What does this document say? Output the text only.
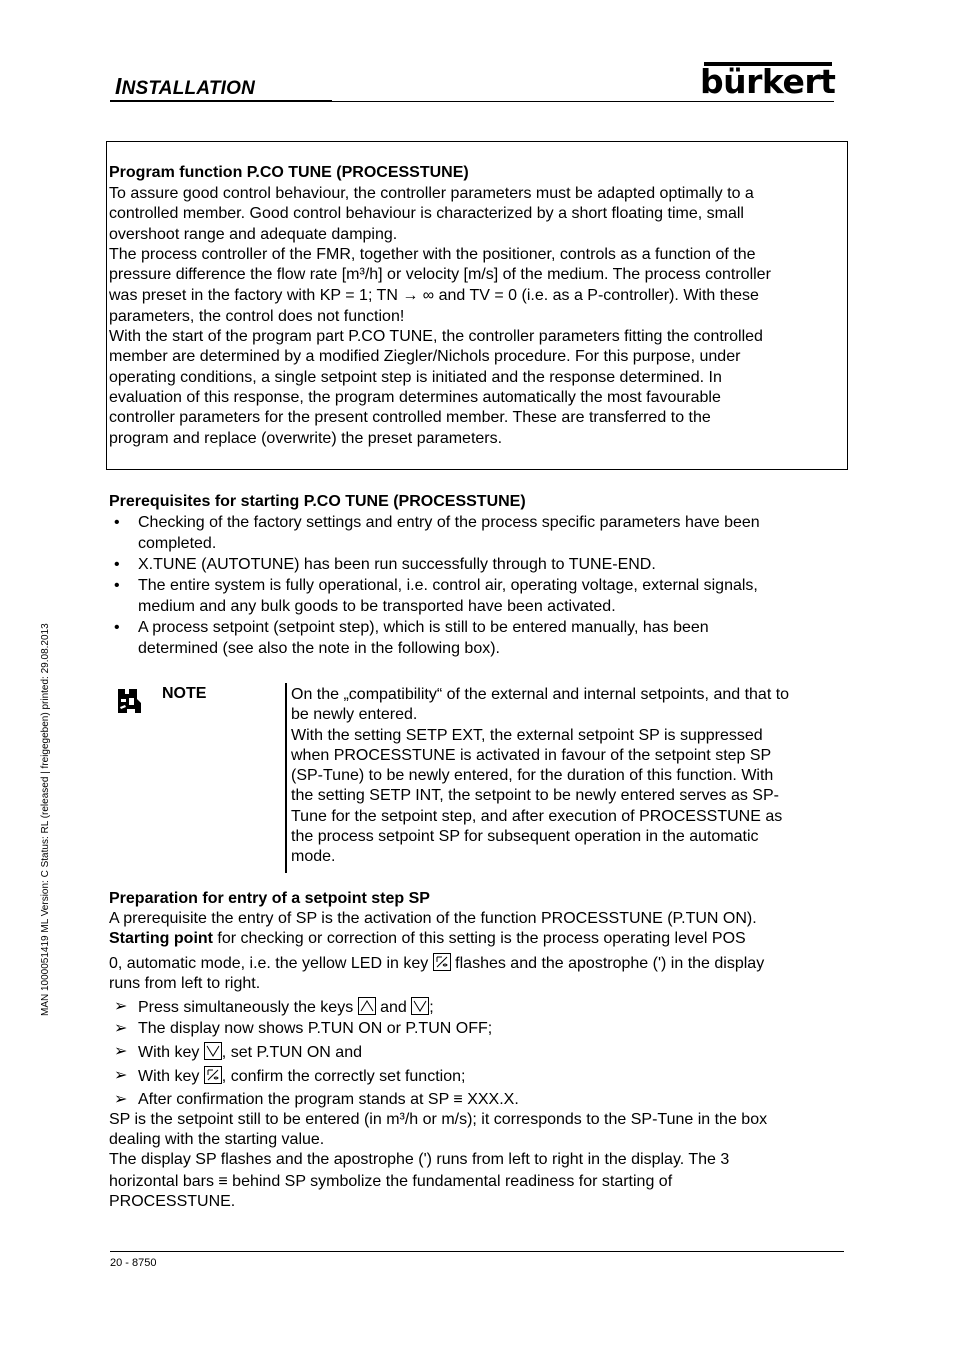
INSTALLATION	bürkert
MAN 1000051419 ML Version: C Status: RL (released | freigegeben) printed: 29.08.2013
Program function P.CO TUNE (PROCESSTUNE)
To assure good control behaviour, the controller parameters must be adapted optimally to a
controlled member. Good control behaviour is characterized by a short floating time, small
overshoot range and adequate damping.
The process controller of the FMR, together with the positioner, controls as a function of the
pressure difference the flow rate [m³/h] or velocity [m/s] of the medium. The process controller
was preset in the factory with KP = 1; TN → ∞ and TV = 0 (i.e. as a P-controller). With these
parameters, the control does not function!
With the start of the program part P.CO TUNE, the controller parameters fitting the controlled
member are determined by a modified Ziegler/Nichols procedure. For this purpose, under
operating conditions, a single setpoint step is initiated and the response determined. In
evaluation of this response, the program determines automatically the most favourable
controller parameters for the present controlled member. These are transferred to the
program and replace (overwrite) the preset parameters.
Prerequisites for starting P.CO TUNE (PROCESSTUNE)
• Checking of the factory settings and entry of the process specific parameters have been
completed.
• X.TUNE (AUTOTUNE) has been run successfully through to TUNE-END.
• The entire system is fully operational, i.e. control air, operating voltage, external signals,
medium and any bulk goods to be transported have been activated.
• A process setpoint (setpoint step), which is still to be entered manually, has been
determined (see also the note in the following box).
NOTE	On the „compatibility“ of the external and internal setpoints, and that to
be newly entered.
With the setting SETP EXT, the external setpoint SP is suppressed
when PROCESSTUNE is activated in favour of the setpoint step SP
(SP-Tune) to be newly entered, for the duration of this function. With
the setting SETP INT, the setpoint to be newly entered serves as SP-
Tune for the setpoint step, and after execution of PROCESSTUNE as
the process setpoint SP for subsequent operation in the automatic
mode.
Preparation for entry of a setpoint step SP
A prerequisite the entry of SP is the activation of the function PROCESSTUNE (P.TUN ON).
Starting point for checking or correction of this setting is the process operating level POS
0, automatic mode, i.e. the yellow LED in key
flashes and the apostrophe (') in the display
runs from left to right.
➢ Press simultaneously the keys
and
;
➢ The display now shows P.TUN ON or P.TUN OFF;
➢ With key
, set P.TUN ON and
➢ With key
, confirm the correctly set function;
➢ After confirmation the program stands at SP ≡ XXX.X.
SP is the setpoint still to be entered (in m³/h or m/s); it corresponds to the SP-Tune in the box
dealing with the starting value.
The display SP flashes and the apostrophe (') runs from left to right in the display. The 3
horizontal bars ≡ behind SP symbolize the fundamental readiness for starting of
PROCESSTUNE.
20 - 8750
